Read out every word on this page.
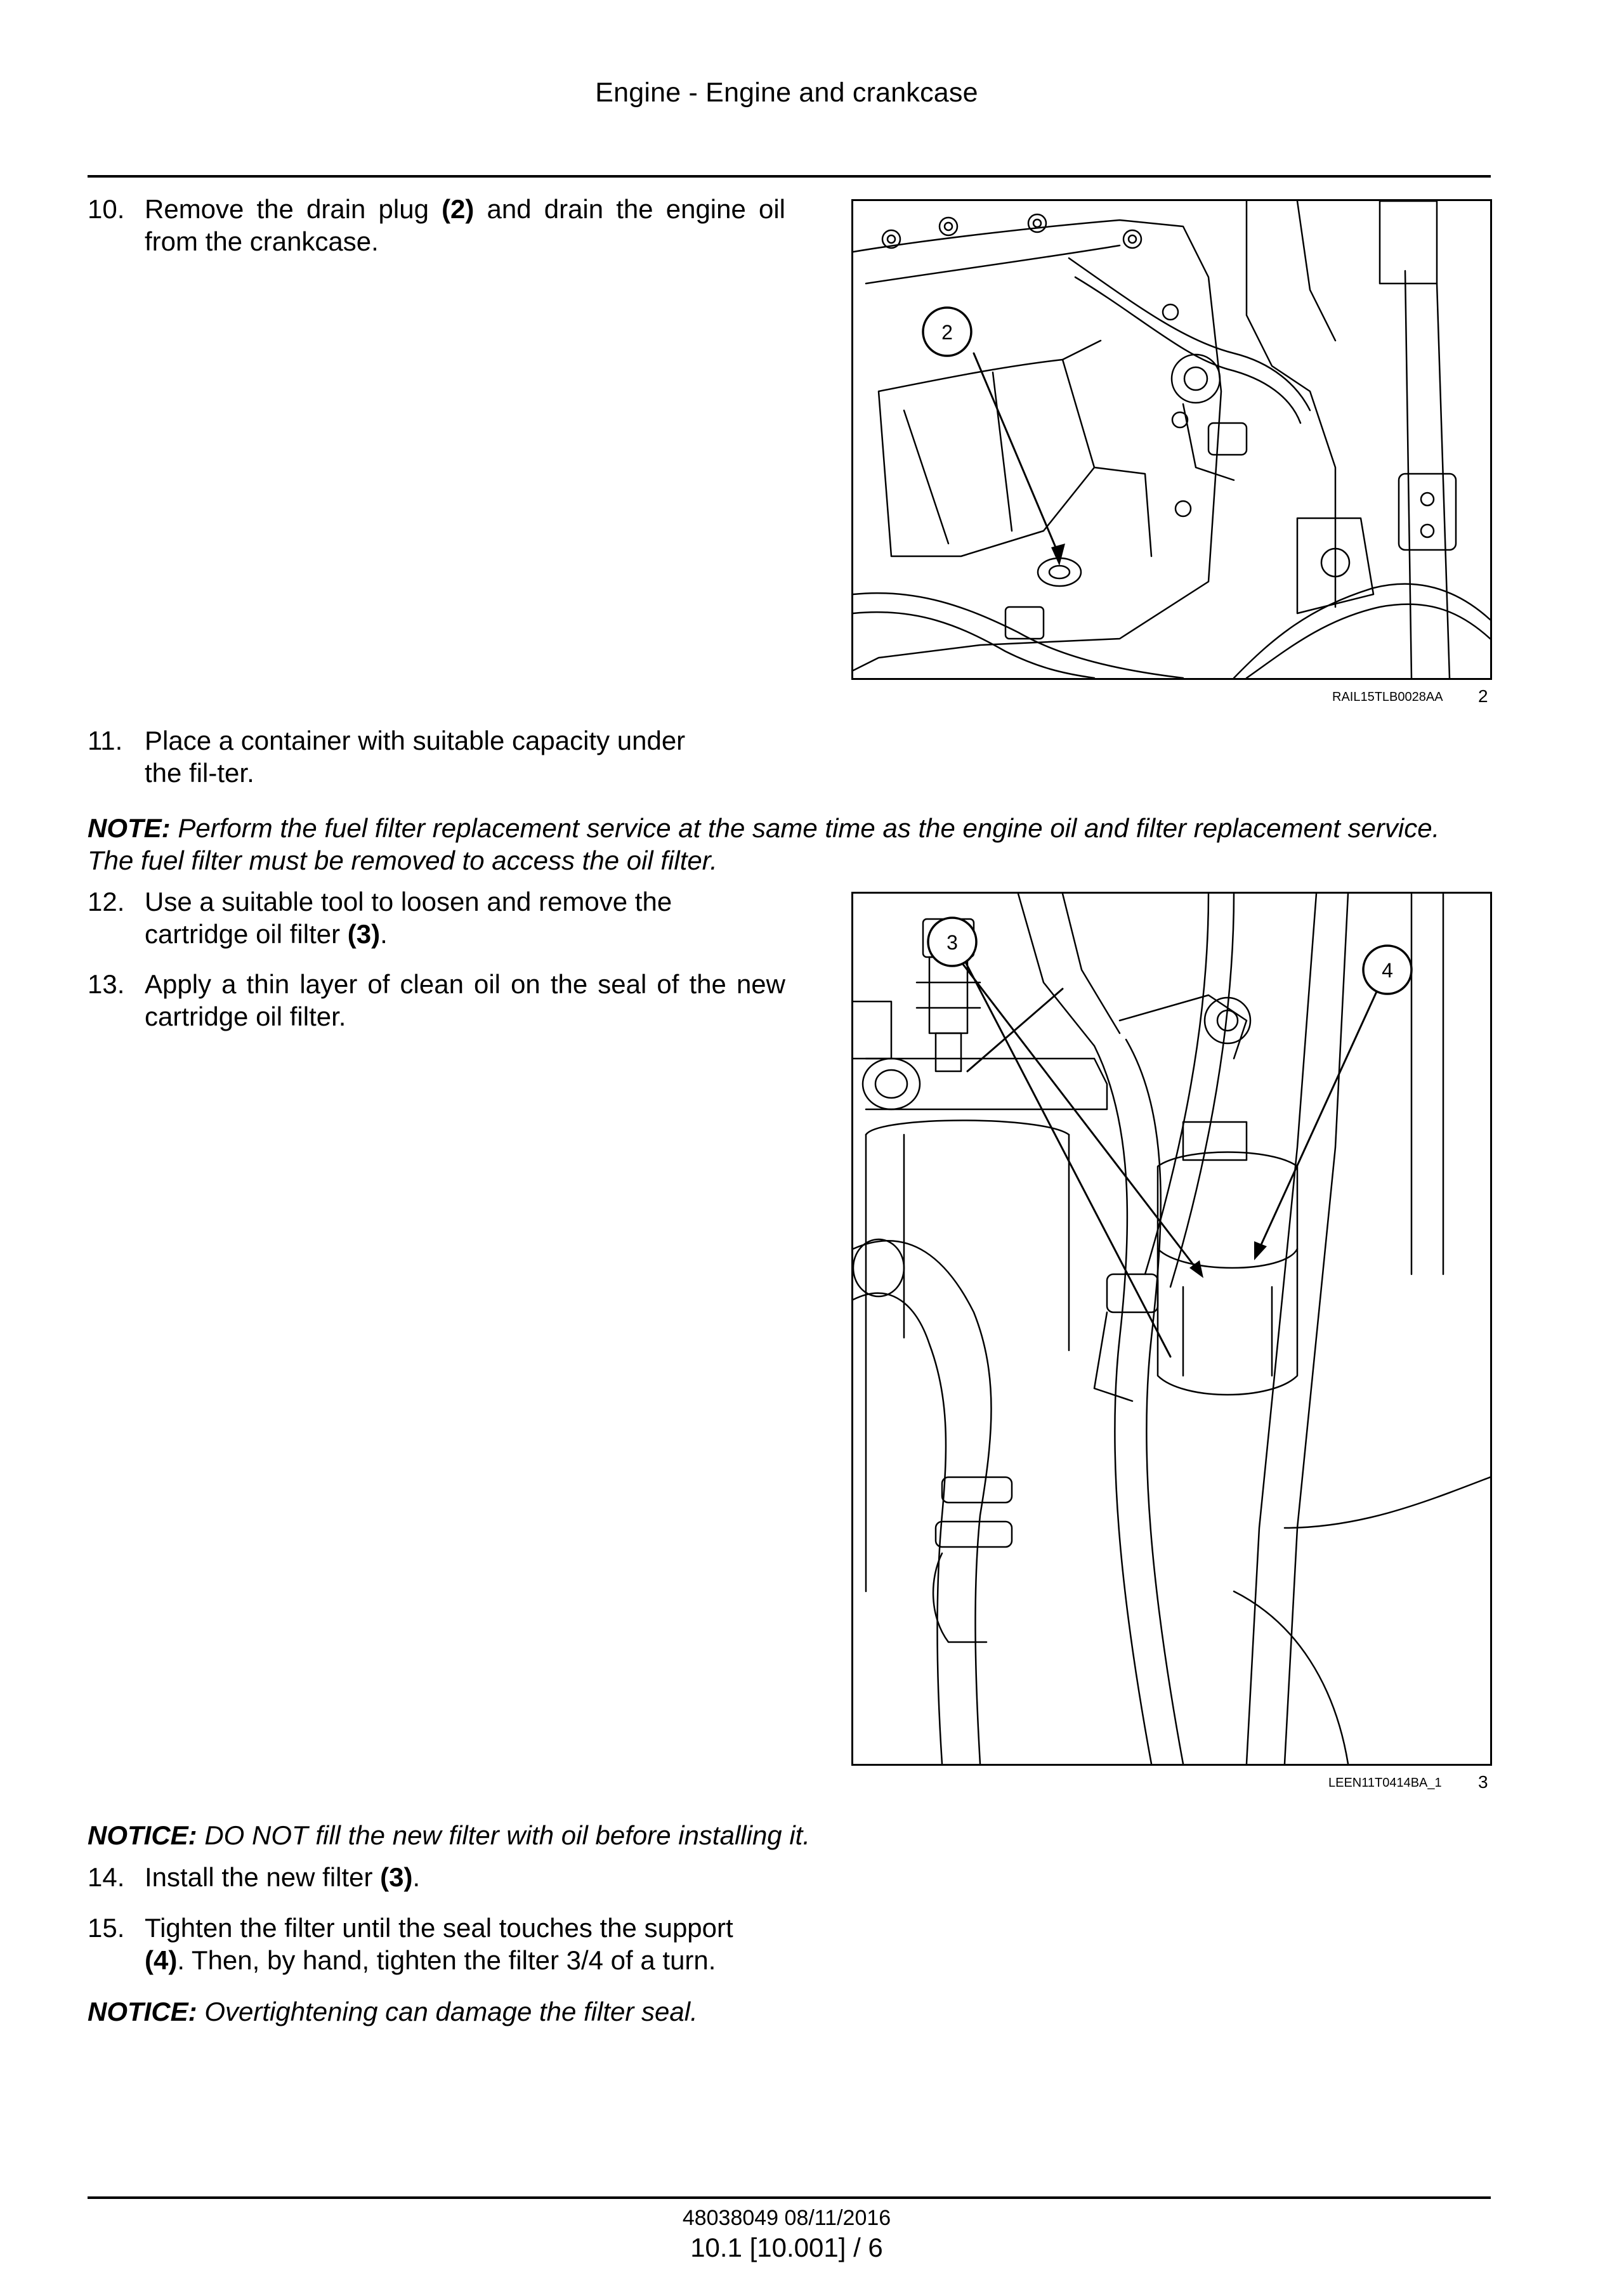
Engine - Engine and crankcase
10. Remove the drain plug (2) and drain the engine oil from the crankcase.
2
RAIL15TLB0028AA 2
11. Place a container with suitable capacity under the fil-ter.
NOTE: Perform the fuel filter replacement service at the same time as the engine oil and filter replacement service. The fuel filter must be removed to access the oil filter.
12. Use a suitable tool to loosen and remove the cartridge oil filter (3).
13. Apply a thin layer of clean oil on the seal of the new cartridge oil filter.
3
4
LEEN11T0414BA_1 3
NOTICE: DO NOT fill the new filter with oil before installing it.
14. Install the new filter (3).
15. Tighten the filter until the seal touches the support (4). Then, by hand, tighten the filter 3/4 of a turn.
NOTICE: Overtightening can damage the filter seal.
48038049 08/11/2016
10.1 [10.001] / 6
